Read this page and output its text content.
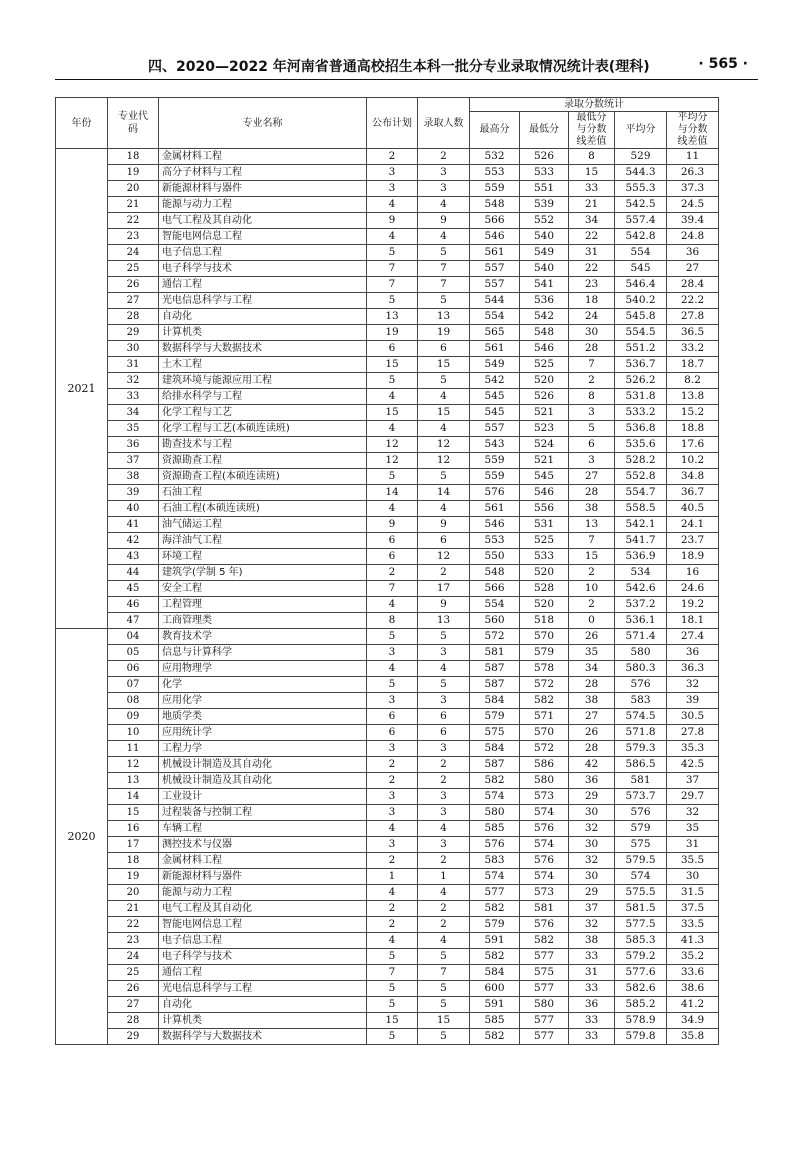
四、2020—2022 年河南省普通高校招生本科一批分专业录取情况统计表(理科)	· 565 ·
年份	专业代码	专业名称	公布计划	录取人数	录取分数统计				
					最高分	最低分	最低分与分数线差值	平均分	平均分与分数线差值
2021	18	金属材料工程	2	2	532	526	8	529	11
	19	高分子材料与工程	3	3	553	533	15	544.3	26.3
	20	新能源材料与器件	3	3	559	551	33	555.3	37.3
	21	能源与动力工程	4	4	548	539	21	542.5	24.5
	22	电气工程及其自动化	9	9	566	552	34	557.4	39.4
	23	智能电网信息工程	4	4	546	540	22	542.8	24.8
	24	电子信息工程	5	5	561	549	31	554	36
	25	电子科学与技术	7	7	557	540	22	545	27
	26	通信工程	7	7	557	541	23	546.4	28.4
	27	光电信息科学与工程	5	5	544	536	18	540.2	22.2
	28	自动化	13	13	554	542	24	545.8	27.8
	29	计算机类	19	19	565	548	30	554.5	36.5
	30	数据科学与大数据技术	6	6	561	546	28	551.2	33.2
	31	土木工程	15	15	549	525	7	536.7	18.7
	32	建筑环境与能源应用工程	5	5	542	520	2	526.2	8.2
	33	给排水科学与工程	4	4	545	526	8	531.8	13.8
	34	化学工程与工艺	15	15	545	521	3	533.2	15.2
	35	化学工程与工艺(本硕连读班)	4	4	557	523	5	536.8	18.8
	36	勘查技术与工程	12	12	543	524	6	535.6	17.6
	37	资源勘查工程	12	12	559	521	3	528.2	10.2
	38	资源勘查工程(本硕连读班)	5	5	559	545	27	552.8	34.8
	39	石油工程	14	14	576	546	28	554.7	36.7
	40	石油工程(本硕连读班)	4	4	561	556	38	558.5	40.5
	41	油气储运工程	9	9	546	531	13	542.1	24.1
	42	海洋油气工程	6	6	553	525	7	541.7	23.7
	43	环境工程	6	12	550	533	15	536.9	18.9
	44	建筑学(学制 5 年)	2	2	548	520	2	534	16
	45	安全工程	7	17	566	528	10	542.6	24.6
	46	工程管理	4	9	554	520	2	537.2	19.2
	47	工商管理类	8	13	560	518	0	536.1	18.1
2020	04	教育技术学	5	5	572	570	26	571.4	27.4
	05	信息与计算科学	3	3	581	579	35	580	36
	06	应用物理学	4	4	587	578	34	580.3	36.3
	07	化学	5	5	587	572	28	576	32
	08	应用化学	3	3	584	582	38	583	39
	09	地质学类	6	6	579	571	27	574.5	30.5
	10	应用统计学	6	6	575	570	26	571.8	27.8
	11	工程力学	3	3	584	572	28	579.3	35.3
	12	机械设计制造及其自动化	2	2	587	586	42	586.5	42.5
	13	机械设计制造及其自动化	2	2	582	580	36	581	37
	14	工业设计	3	3	574	573	29	573.7	29.7
	15	过程装备与控制工程	3	3	580	574	30	576	32
	16	车辆工程	4	4	585	576	32	579	35
	17	测控技术与仪器	3	3	576	574	30	575	31
	18	金属材料工程	2	2	583	576	32	579.5	35.5
	19	新能源材料与器件	1	1	574	574	30	574	30
	20	能源与动力工程	4	4	577	573	29	575.5	31.5
	21	电气工程及其自动化	2	2	582	581	37	581.5	37.5
	22	智能电网信息工程	2	2	579	576	32	577.5	33.5
	23	电子信息工程	4	4	591	582	38	585.3	41.3
	24	电子科学与技术	5	5	582	577	33	579.2	35.2
	25	通信工程	7	7	584	575	31	577.6	33.6
	26	光电信息科学与工程	5	5	600	577	33	582.6	38.6
	27	自动化	5	5	591	580	36	585.2	41.2
	28	计算机类	15	15	585	577	33	578.9	34.9
	29	数据科学与大数据技术	5	5	582	577	33	579.8	35.8
